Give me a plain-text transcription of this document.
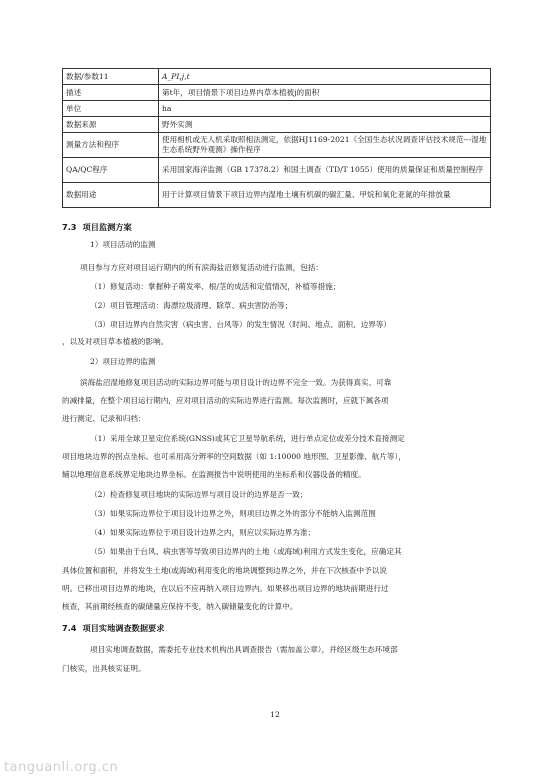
数据/参数11	A_PI,j,t
描述	第t年，项目情景下项目边界内草本植被j的面积
单位	ha
数据来源	野外实测
测量方法和程序	使用相机或无人机采取照相法测定，依据HJ1169-2021《全国生态状况调查评估技术规范---湿地生态系统野外观测》操作程序
QA/QC程序	采用国家海洋监测（GB 17378.2）和国土调查（TD/T 1055）使用的质量保证和质量控制程序
数据用途	用于计算项目情景下项目边界内湿地土壤有机碳的碳汇量、甲烷和氧化亚氮的年排放量
7.3 项目监测方案
1）项目活动的监测
项目参与方应对项目运行期内的所有滨海盐沼修复活动进行监测，包括：
（1）修复活动：掌握种子萌发率、根/茎的成活和定值情况，补植等措施；
（2）项目管理活动：海漂垃圾清理、除草、病虫害防治等；
（3）项目边界内自然灾害（病虫害、台风等）的发生情况（时间、地点、面积、边界等）
，以及对项目草本植被的影响。
2）项目边界的监测
滨海盐沼湿地修复项目活动的实际边界可能与项目设计的边界不完全一致。为获得真实、可靠
的减排量，在整个项目运行期内，应对项目活动的实际边界进行监测。每次监测时，应就下属各项
进行测定、记录和归档：
（1）采用全球卫星定位系统(GNSS)或其它卫星导航系统，进行单点定位或差分技术直接测定
项目地块边界的拐点坐标。也可采用高分辨率的空间数据（如 1:10000 地形图、卫星影像、航片等），
辅以地理信息系统界定地块边界坐标。在监测报告中说明使用的坐标系和仪器设备的精度。
（2）检查修复项目地块的实际边界与项目设计的边界是否一致；
（3）如果实际边界位于项目设计边界之外，则项目边界之外的部分不能纳入监测范围
（4）如果实际边界位于项目设计边界之内，则应以实际边界为准；
（5）如果由于台风、病虫害等导致项目边界内的土地（或海域)利用方式发生变化，应确定其
具体位置和面积，并将发生土地(或海域)利用变化的地块调整到边界之外，并在下次核查中予以说
明。已移出项目边界的地块，在以后不应再纳入项目边界内。如果移出项目边界的地块前期进行过
核查，其前期经核查的碳储量应保持不变，纳入碳储量变化的计算中。
7.4 项目实地调查数据要求
项目实地调查数据，需委托专业技术机构出具调查报告（需加盖公章），并经区级生态环境部
门核实，出具核实证明。
12
tanguanli.org.cn
